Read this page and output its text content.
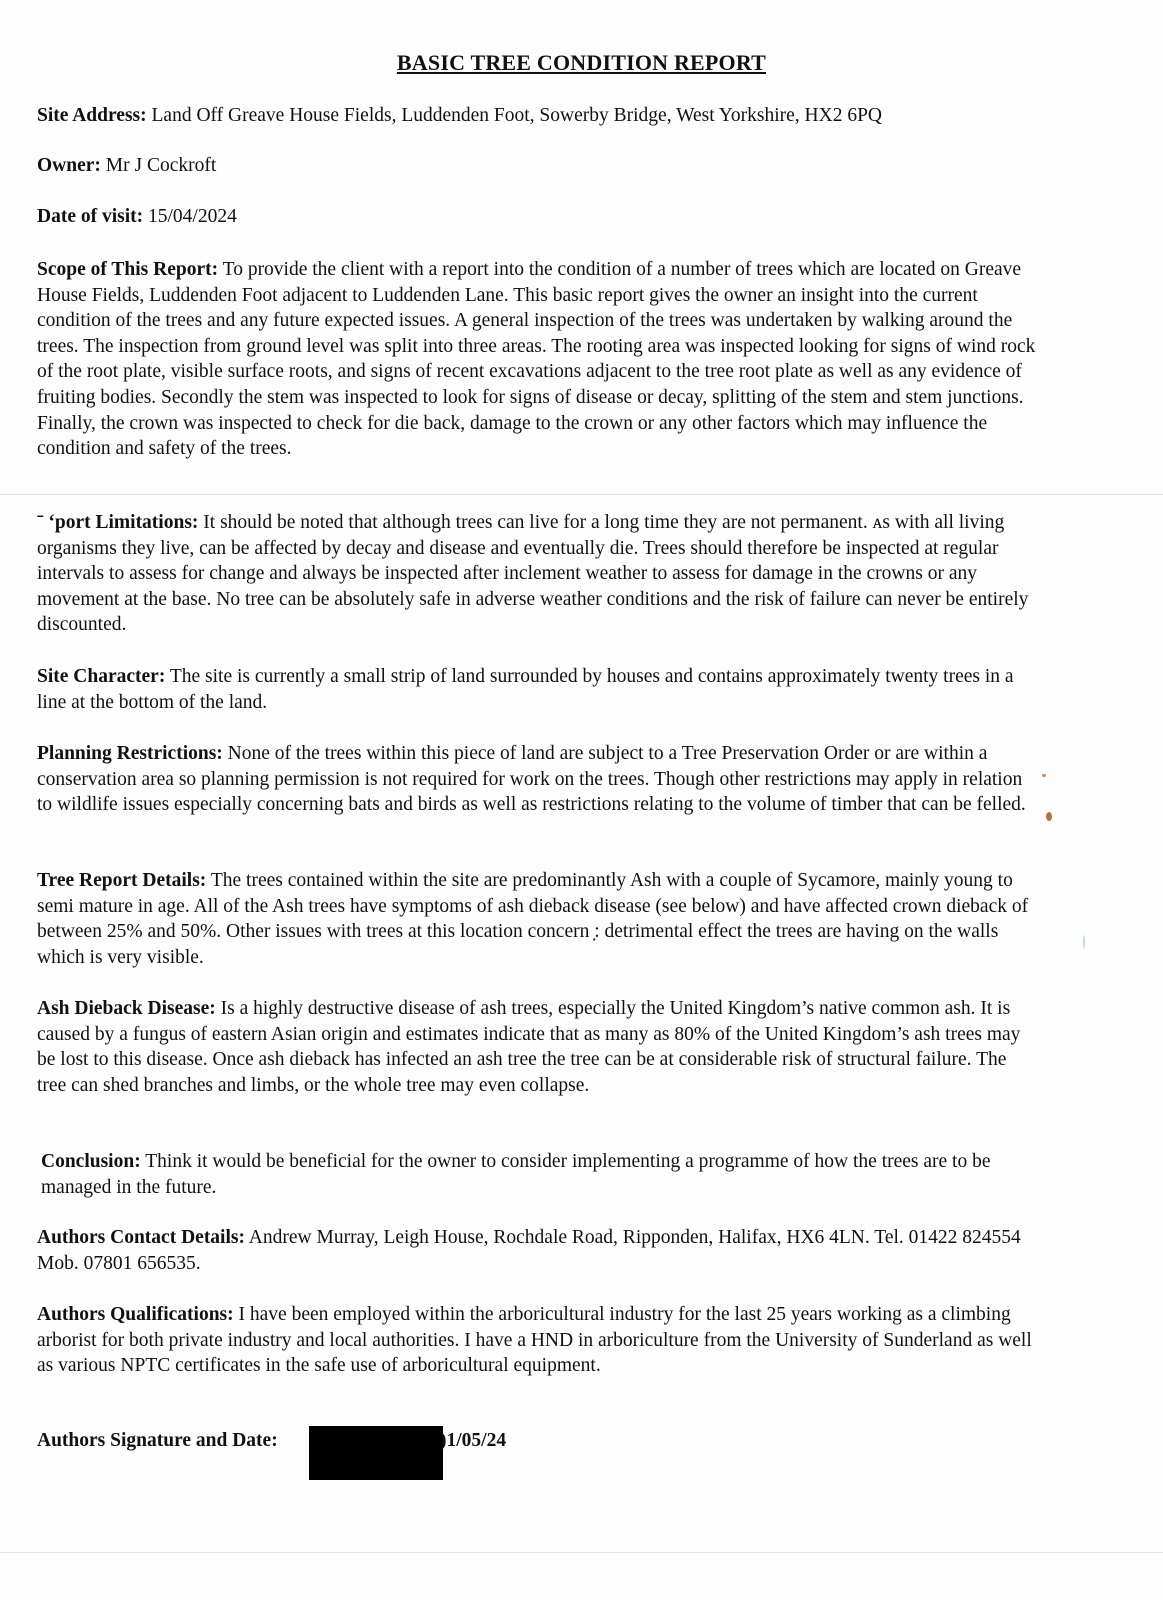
BASIC TREE CONDITION REPORT
Site Address: Land Off Greave House Fields, Luddenden Foot, Sowerby Bridge, West Yorkshire, HX2 6PQ
Owner: Mr J Cockroft
Date of visit: 15/04/2024
Scope of This Report: To provide the client with a report into the condition of a number of trees which are located on Greave House Fields, Luddenden Foot adjacent to Luddenden Lane. This basic report gives the owner an insight into the current condition of the trees and any future expected issues. A general inspection of the trees was undertaken by walking around the trees. The inspection from ground level was split into three areas. The rooting area was inspected looking for signs of wind rock of the root plate, visible surface roots, and signs of recent excavations adjacent to the tree root plate as well as any evidence of fruiting bodies. Secondly the stem was inspected to look for signs of disease or decay, splitting of the stem and stem junctions. Finally, the crown was inspected to check for die back, damage to the crown or any other factors which may influence the condition and safety of the trees.
ˉ ʻport Limitations: It should be noted that although trees can live for a long time they are not permanent. ᴀs with all living organisms they live, can be affected by decay and disease and eventually die. Trees should therefore be inspected at regular intervals to assess for change and always be inspected after inclement weather to assess for damage in the crowns or any movement at the base. No tree can be absolutely safe in adverse weather conditions and the risk of failure can never be entirely discounted.
Site Character: The site is currently a small strip of land surrounded by houses and contains approximately twenty trees in a line at the bottom of the land.
Planning Restrictions: None of the trees within this piece of land are subject to a Tree Preservation Order or are within a conservation area so planning permission is not required for work on the trees. Though other restrictions may apply in relation to wildlife issues especially concerning bats and birds as well as restrictions relating to the volume of timber that can be felled.
Tree Report Details: The trees contained within the site are predominantly Ash with a couple of Sycamore, mainly young to semi mature in age. All of the Ash trees have symptoms of ash dieback disease (see below) and have affected crown dieback of between 25% and 50%. Other issues with trees at this location concern ̣: detrimental effect the trees are having on the walls which is very visible.
Ash Dieback Disease: Is a highly destructive disease of ash trees, especially the United Kingdom’s native common ash. It is caused by a fungus of eastern Asian origin and estimates indicate that as many as 80% of the United Kingdom’s ash trees may be lost to this disease. Once ash dieback has infected an ash tree the tree can be at considerable risk of structural failure. The tree can shed branches and limbs, or the whole tree may even collapse.
Conclusion: Think it would be beneficial for the owner to consider implementing a programme of how the trees are to be managed in the future.
Authors Contact Details: Andrew Murray, Leigh House, Rochdale Road, Ripponden, Halifax, HX6 4LN. Tel. 01422 824554 Mob. 07801 656535.
Authors Qualifications: I have been employed within the arboricultural industry for the last 25 years working as a climbing arborist for both private industry and local authorities. I have a HND in arboriculture from the University of Sunderland as well as various NPTC certificates in the safe use of arboricultural equipment.
Authors Signature and Date:	)1/05/24
